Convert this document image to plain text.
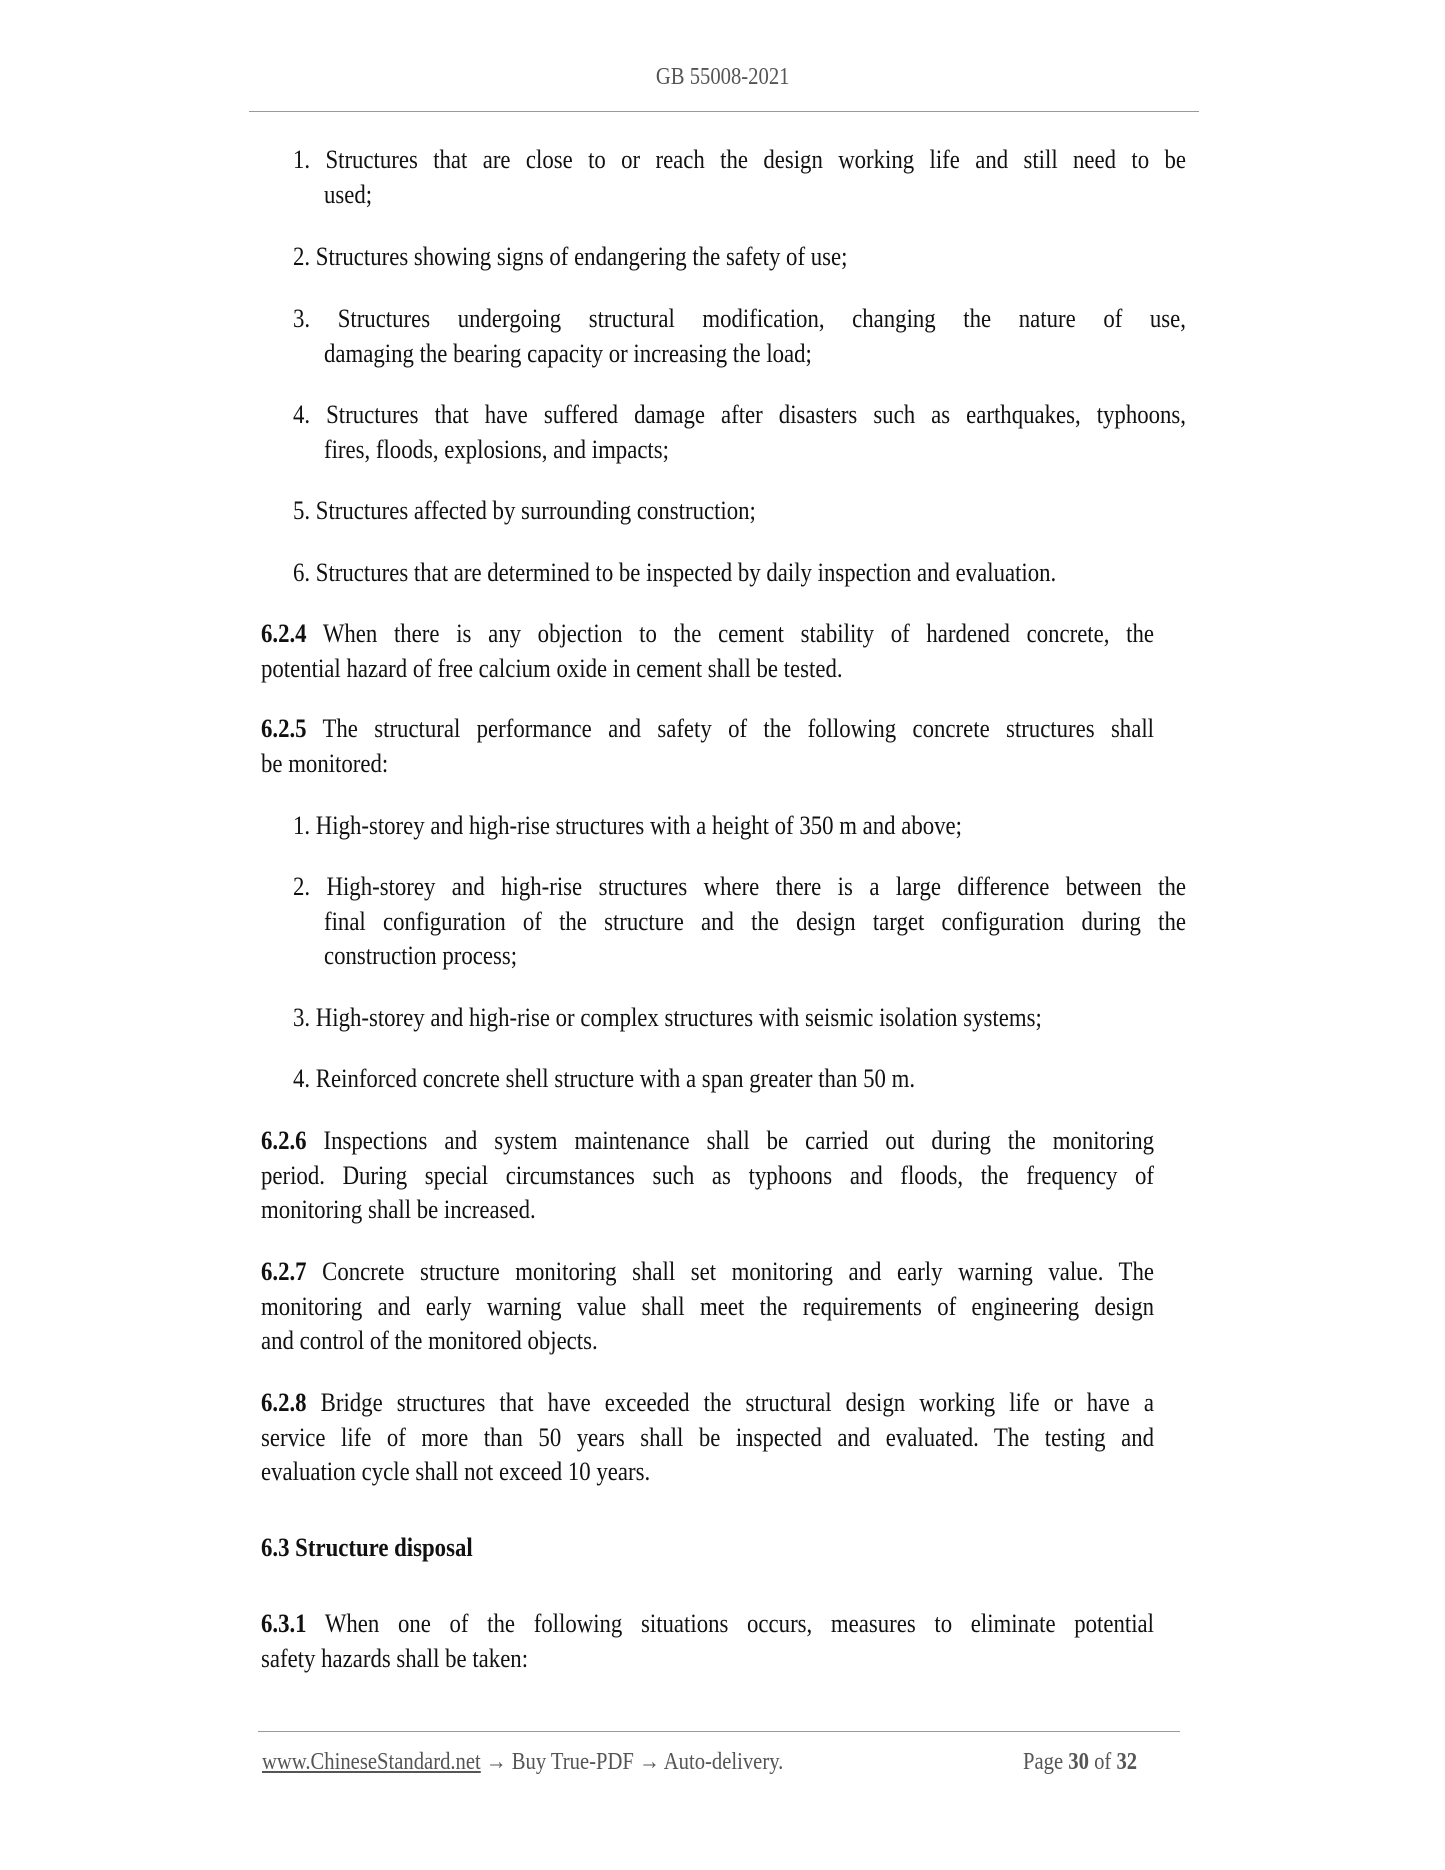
GB 55008-2021
1. Structures that are close to or reach the design working life and still need to be
used;
2. Structures showing signs of endangering the safety of use;
3. Structures undergoing structural modification, changing the nature of use,
damaging the bearing capacity or increasing the load;
4. Structures that have suffered damage after disasters such as earthquakes, typhoons,
fires, floods, explosions, and impacts;
5. Structures affected by surrounding construction;
6. Structures that are determined to be inspected by daily inspection and evaluation.
6.2.4 When there is any objection to the cement stability of hardened concrete, the
potential hazard of free calcium oxide in cement shall be tested.
6.2.5 The structural performance and safety of the following concrete structures shall
be monitored:
1. High-storey and high-rise structures with a height of 350 m and above;
2. High-storey and high-rise structures where there is a large difference between the
final configuration of the structure and the design target configuration during the
construction process;
3. High-storey and high-rise or complex structures with seismic isolation systems;
4. Reinforced concrete shell structure with a span greater than 50 m.
6.2.6 Inspections and system maintenance shall be carried out during the monitoring
period. During special circumstances such as typhoons and floods, the frequency of
monitoring shall be increased.
6.2.7 Concrete structure monitoring shall set monitoring and early warning value. The
monitoring and early warning value shall meet the requirements of engineering design
and control of the monitored objects.
6.2.8 Bridge structures that have exceeded the structural design working life or have a
service life of more than 50 years shall be inspected and evaluated. The testing and
evaluation cycle shall not exceed 10 years.
6.3 Structure disposal
6.3.1 When one of the following situations occurs, measures to eliminate potential
safety hazards shall be taken:
www.ChineseStandard.net → Buy True-PDF → Auto-delivery.	Page 30 of 32
